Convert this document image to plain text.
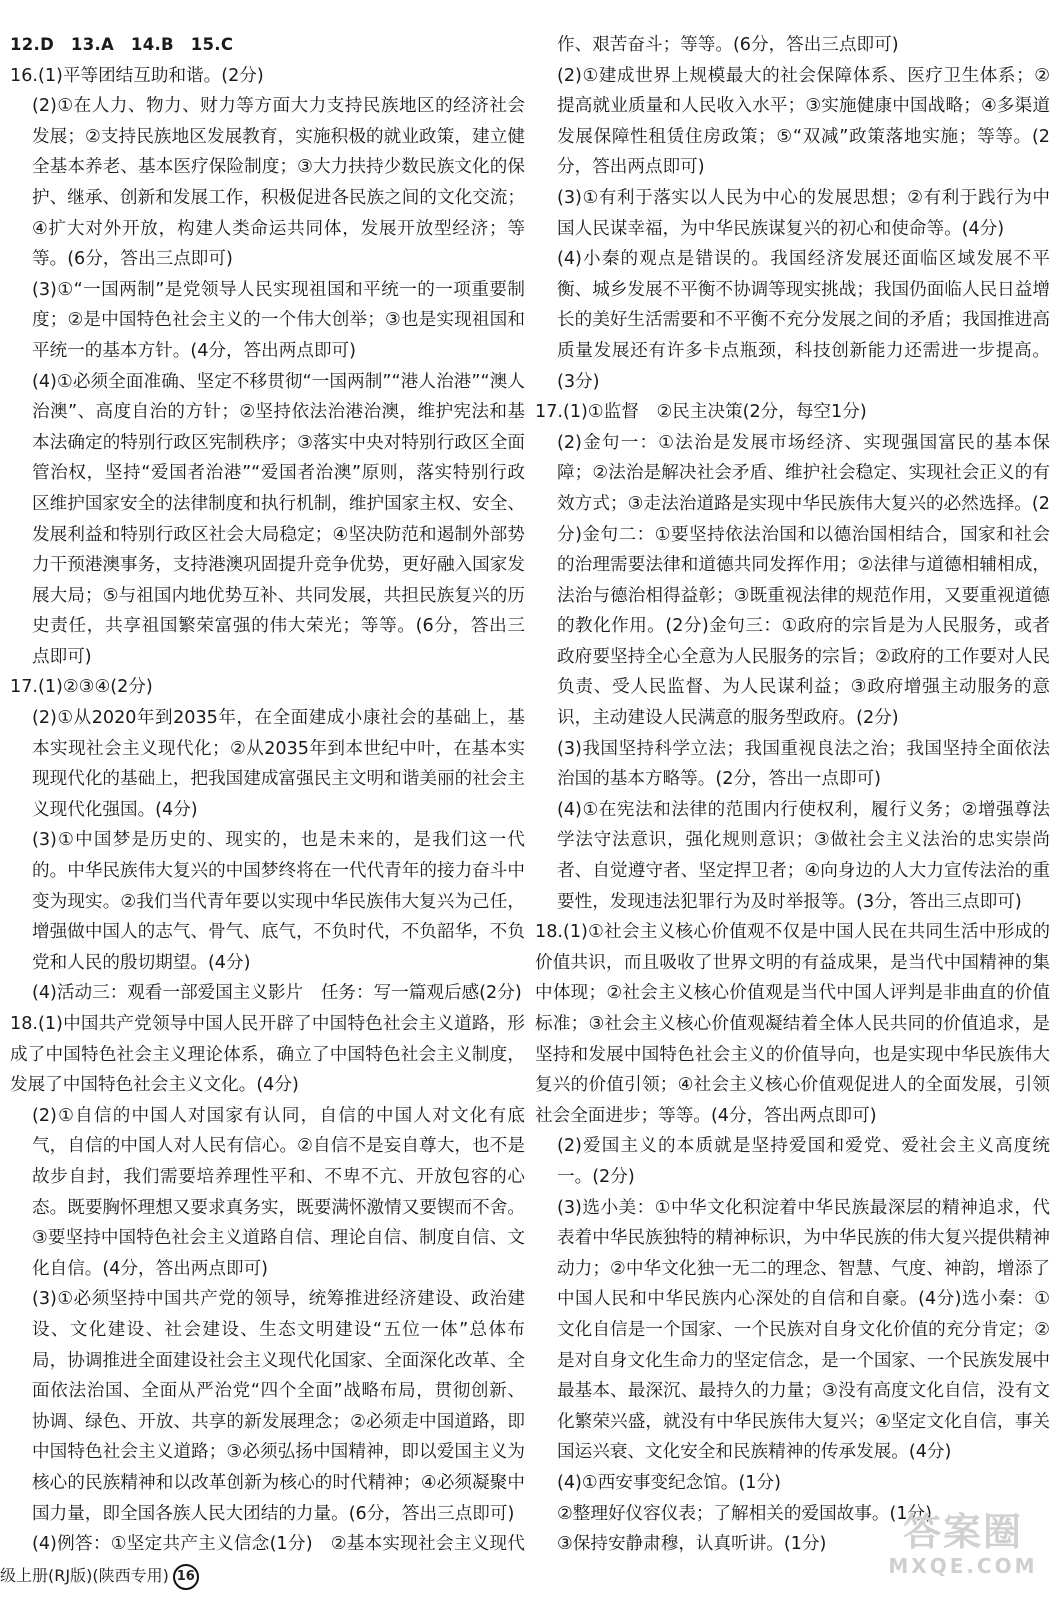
12.D　13.A　14.B　15.C

16.(1)平等团结互助和谐。(2分)

(2)①在人力、物力、财力等方面大力支持民族地区的经济社会发展；②支持民族地区发展教育，实施积极的就业政策，建立健全基本养老、基本医疗保险制度；③大力扶持少数民族文化的保护、继承、创新和发展工作，积极促进各民族之间的文化交流；④扩大对外开放，构建人类命运共同体，发展开放型经济；等等。(6分，答出三点即可)

(3)①“一国两制”是党领导人民实现祖国和平统一的一项重要制度；②是中国特色社会主义的一个伟大创举；③也是实现祖国和平统一的基本方针。(4分，答出两点即可)

(4)①必须全面准确、坚定不移贯彻“一国两制”“港人治港”“澳人治澳”、高度自治的方针；②坚持依法治港治澳，维护宪法和基本法确定的特别行政区宪制秩序；③落实中央对特别行政区全面管治权，坚持“爱国者治港”“爱国者治澳”原则，落实特别行政区维护国家安全的法律制度和执行机制，维护国家主权、安全、发展利益和特别行政区社会大局稳定；④坚决防范和遏制外部势力干预港澳事务，支持港澳巩固提升竞争优势，更好融入国家发展大局；⑤与祖国内地优势互补、共同发展，共担民族复兴的历史责任，共享祖国繁荣富强的伟大荣光；等等。(6分，答出三点即可)

17.(1)②③④(2分)

(2)①从2020年到2035年，在全面建成小康社会的基础上，基本实现社会主义现代化；②从2035年到本世纪中叶，在基本实现现代化的基础上，把我国建成富强民主文明和谐美丽的社会主义现代化强国。(4分)

(3)①中国梦是历史的、现实的，也是未来的，是我们这一代的。中华民族伟大复兴的中国梦终将在一代代青年的接力奋斗中变为现实。②我们当代青年要以实现中华民族伟大复兴为己任，增强做中国人的志气、骨气、底气，不负时代，不负韶华，不负党和人民的殷切期望。(4分)

(4)活动三：观看一部爱国主义影片　任务：写一篇观后感(2分)

18.(1)中国共产党领导中国人民开辟了中国特色社会主义道路，形成了中国特色社会主义理论体系，确立了中国特色社会主义制度，发展了中国特色社会主义文化。(4分)

(2)①自信的中国人对国家有认同，自信的中国人对文化有底气，自信的中国人对人民有信心。②自信不是妄自尊大，也不是故步自封，我们需要培养理性平和、不卑不亢、开放包容的心态。既要胸怀理想又要求真务实，既要满怀激情又要锲而不舍。③要坚持中国特色社会主义道路自信、理论自信、制度自信、文化自信。(4分，答出两点即可)

(3)①必须坚持中国共产党的领导，统筹推进经济建设、政治建设、文化建设、社会建设、生态文明建设“五位一体”总体布局，协调推进全面建设社会主义现代化国家、全面深化改革、全面依法治国、全面从严治党“四个全面”战略布局，贯彻创新、协调、绿色、开放、共享的新发展理念；②必须走中国道路，即中国特色社会主义道路；③必须弘扬中国精神，即以爱国主义为核心的民族精神和以改革创新为核心的时代精神；④必须凝聚中国力量，即全国各族人民大团结的力量。(6分，答出三点即可)

(4)例答：①坚定共产主义信念(1分)　②基本实现社会主义现代　　

作、艰苦奋斗；等等。(6分，答出三点即可)

(2)①建成世界上规模最大的社会保障体系、医疗卫生体系；②提高就业质量和人民收入水平；③实施健康中国战略；④多渠道发展保障性租赁住房政策；⑤“双减”政策落地实施；等等。(2分，答出两点即可)

(3)①有利于落实以人民为中心的发展思想；②有利于践行为中国人民谋幸福，为中华民族谋复兴的初心和使命等。(4分)

(4)小秦的观点是错误的。我国经济发展还面临区域发展不平衡、城乡发展不平衡不协调等现实挑战；我国仍面临人民日益增长的美好生活需要和不平衡不充分发展之间的矛盾；我国推进高质量发展还有许多卡点瓶颈，科技创新能力还需进一步提高。(3分)

17.(1)①监督　②民主决策(2分，每空1分)

(2)金句一：①法治是发展市场经济、实现强国富民的基本保障；②法治是解决社会矛盾、维护社会稳定、实现社会正义的有效方式；③走法治道路是实现中华民族伟大复兴的必然选择。(2分)金句二：①要坚持依法治国和以德治国相结合，国家和社会的治理需要法律和道德共同发挥作用；②法律与道德相辅相成，法治与德治相得益彰；③既重视法律的规范作用，又要重视道德的教化作用。(2分)金句三：①政府的宗旨是为人民服务，或者政府要坚持全心全意为人民服务的宗旨；②政府的工作要对人民负责、受人民监督、为人民谋利益；③政府增强主动服务的意识，主动建设人民满意的服务型政府。(2分)

(3)我国坚持科学立法；我国重视良法之治；我国坚持全面依法治国的基本方略等。(2分，答出一点即可)

(4)①在宪法和法律的范围内行使权利，履行义务；②增强尊法学法守法意识，强化规则意识；③做社会主义法治的忠实崇尚者、自觉遵守者、坚定捍卫者；④向身边的人大力宣传法治的重要性，发现违法犯罪行为及时举报等。(3分，答出三点即可)

18.(1)①社会主义核心价值观不仅是中国人民在共同生活中形成的价值共识，而且吸收了世界文明的有益成果，是当代中国精神的集中体现；②社会主义核心价值观是当代中国人评判是非曲直的价值标准；③社会主义核心价值观凝结着全体人民共同的价值追求，是坚持和发展中国特色社会主义的价值导向，也是实现中华民族伟大复兴的价值引领；④社会主义核心价值观促进人的全面发展，引领社会全面进步；等等。(4分，答出两点即可)

(2)爱国主义的本质就是坚持爱国和爱党、爱社会主义高度统一。(2分)

(3)选小美：①中华文化积淀着中华民族最深层的精神追求，代表着中华民族独特的精神标识，为中华民族的伟大复兴提供精神动力；②中华文化独一无二的理念、智慧、气度、神韵，增添了中国人民和中华民族内心深处的自信和自豪。(4分)选小秦：①文化自信是一个国家、一个民族对自身文化价值的充分肯定；②是对自身文化生命力的坚定信念，是一个国家、一个民族发展中最基本、最深沉、最持久的力量；③没有高度文化自信，没有文化繁荣兴盛，就没有中华民族伟大复兴；④坚定文化自信，事关国运兴衰、文化安全和民族精神的传承发展。(4分)

(4)①西安事变纪念馆。(1分)

②整理好仪容仪表；了解相关的爱国故事。(1分)

③保持安静肃穆，认真听讲。(1分)

级上册(RJ版)(陕西专用) 16
答案圈
MXQE.COM
